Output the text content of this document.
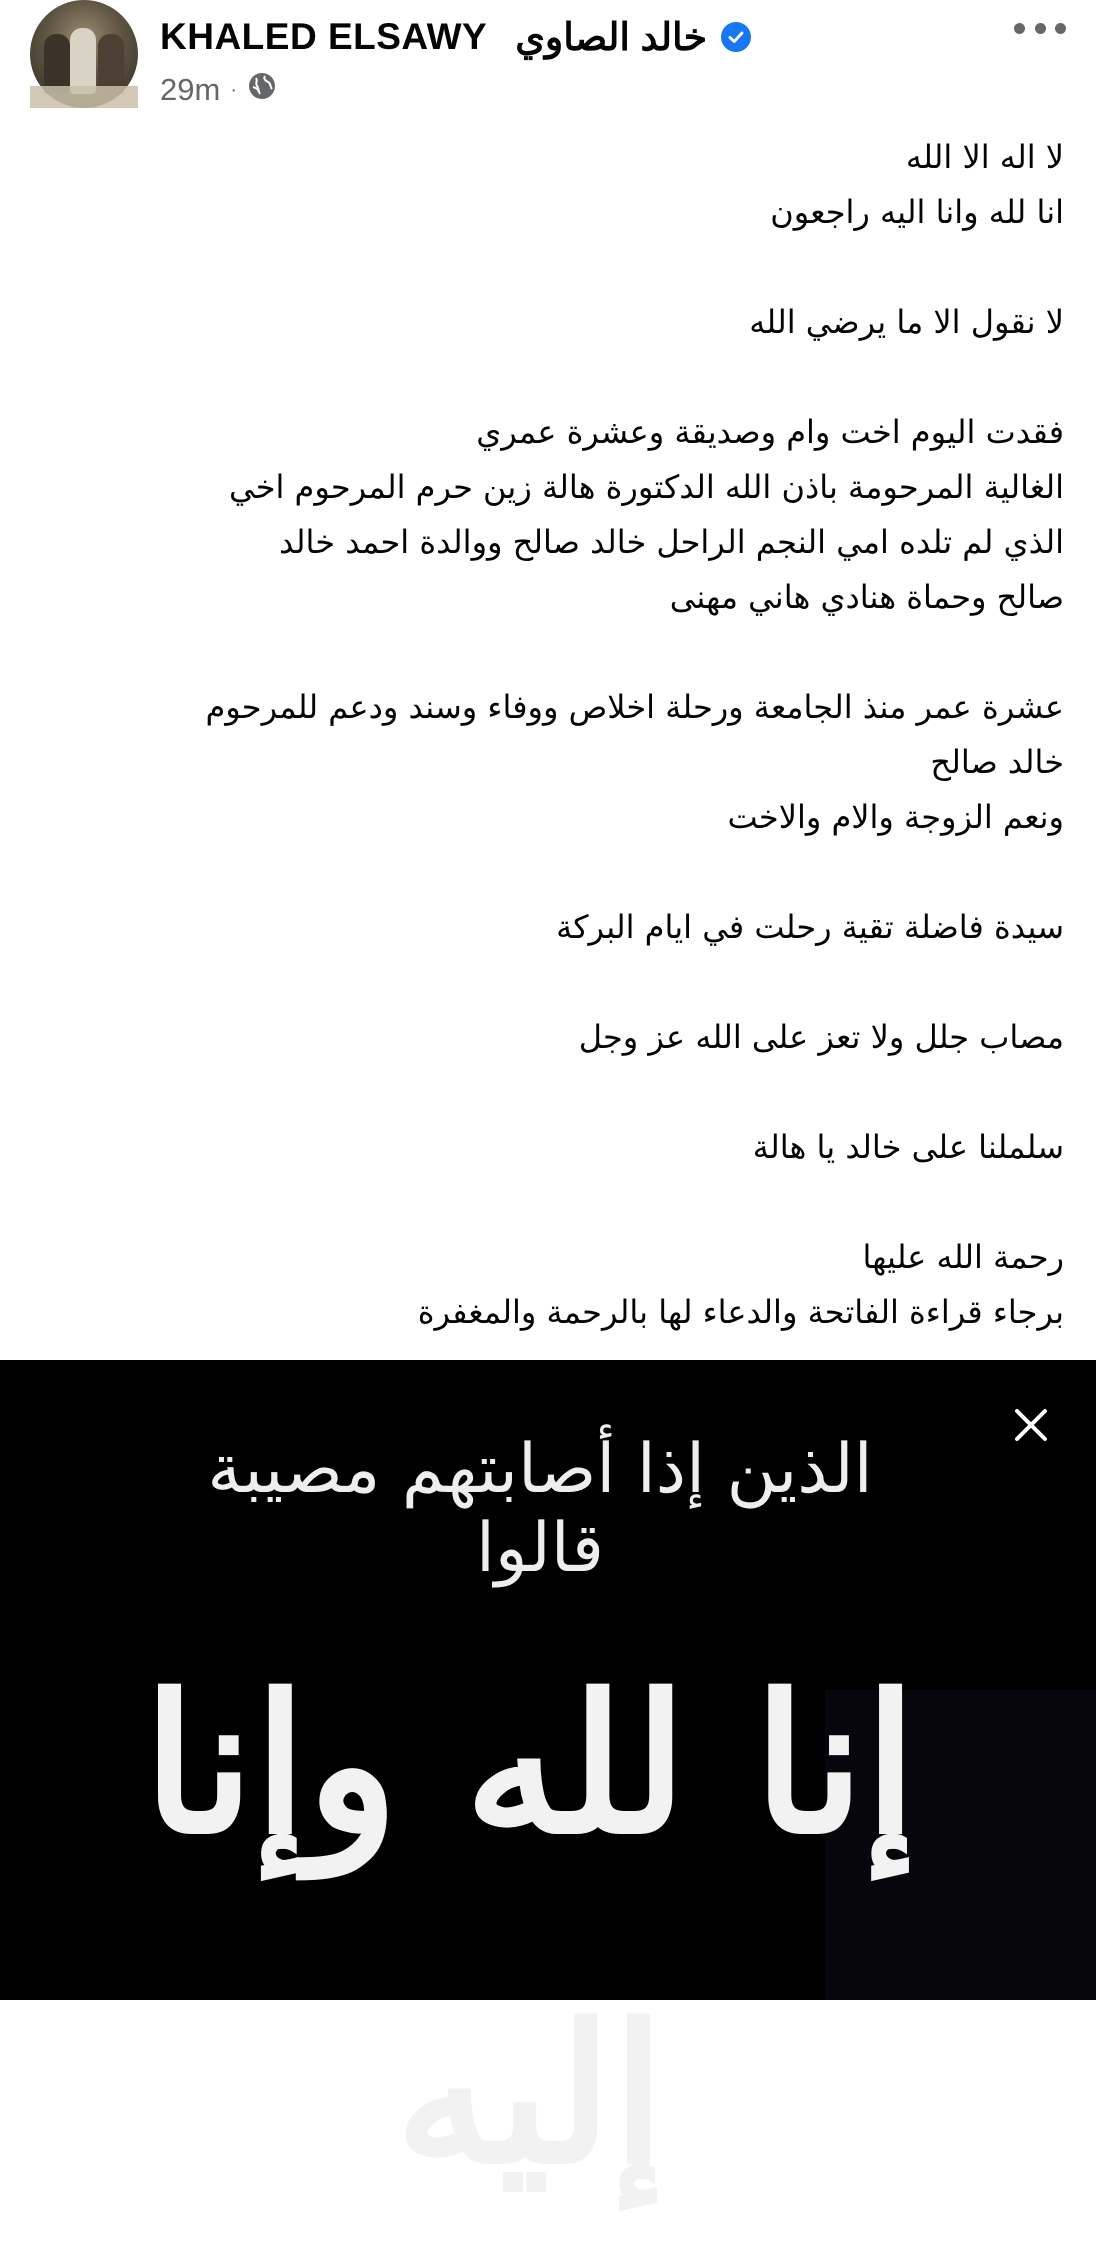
KHALED ELSAWY خالد الصاوي
29m ·
لا اله الا الله
انا لله وانا اليه راجعون
لا نقول الا ما يرضي الله
فقدت اليوم اخت وام وصديقة وعشرة عمري
الغالية المرحومة باذن الله الدكتورة هالة زين حرم المرحوم اخي
الذي لم تلده امي النجم الراحل خالد صالح ووالدة احمد خالد
صالح وحماة هنادي هاني مهنى
عشرة عمر منذ الجامعة ورحلة اخلاص ووفاء وسند ودعم للمرحوم
خالد صالح
ونعم الزوجة والام والاخت
سيدة فاضلة تقية رحلت في ايام البركة
مصاب جلل ولا تعز على الله عز وجل
سلملنا على خالد يا هالة
رحمة الله عليها
برجاء قراءة الفاتحة والدعاء لها بالرحمة والمغفرة
الذين إذا أصابتهم مصيبة قالوا
إنا لله وإنا إليه
